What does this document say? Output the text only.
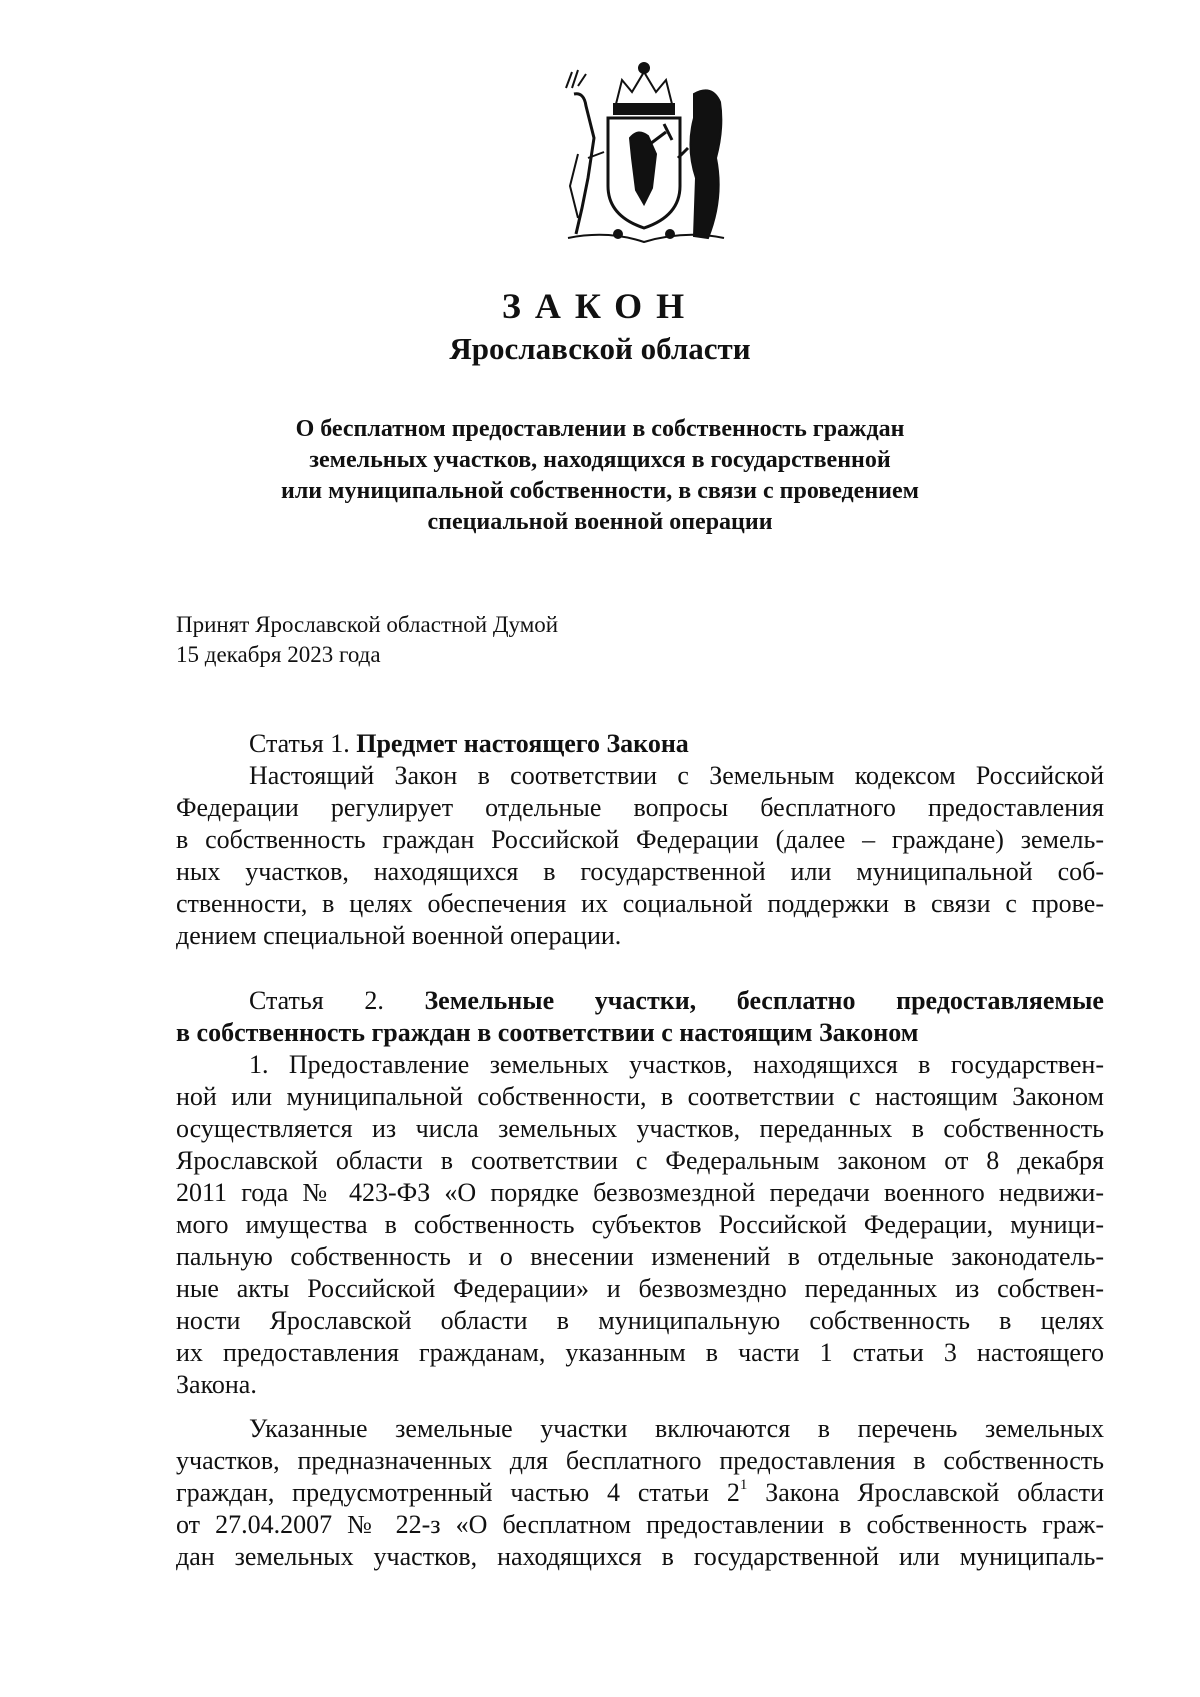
ЗАКОН
Ярославской области
О бесплатном предоставлении в собственность граждан
земельных участков, находящихся в государственной
или муниципальной собственности, в связи с проведением
специальной военной операции
Принят Ярославской областной Думой
15 декабря 2023 года
Статья 1. Предмет настоящего Закона
Настоящий Закон в соответствии с Земельным кодексом Российской
Федерации регулирует отдельные вопросы бесплатного предоставления
в собственность граждан Российской Федерации (далее – граждане) земель-
ных участков, находящихся в государственной или муниципальной соб-
ственности, в целях обеспечения их социальной поддержки в связи с прове-
дением специальной военной операции.
Статья 2. Земельные участки, бесплатно предоставляемые
в собственность граждан в соответствии с настоящим Законом
1. Предоставление земельных участков, находящихся в государствен-
ной или муниципальной собственности, в соответствии с настоящим Законом
осуществляется из числа земельных участков, переданных в собственность
Ярославской области в соответствии с Федеральным законом от 8 декабря
2011 года № 423-ФЗ «О порядке безвозмездной передачи военного недвижи-
мого имущества в собственность субъектов Российской Федерации, муници-
пальную собственность и о внесении изменений в отдельные законодатель-
ные акты Российской Федерации» и безвозмездно переданных из собствен-
ности Ярославской области в муниципальную собственность в целях
их предоставления гражданам, указанным в части 1 статьи 3 настоящего
Закона.
Указанные земельные участки включаются в перечень земельных
участков, предназначенных для бесплатного предоставления в собственность
граждан, предусмотренный частью 4 статьи $2^1$ Закона Ярославской области
от 27.04.2007 № 22-з «О бесплатном предоставлении в собственность граж-
дан земельных участков, находящихся в государственной или муниципаль-
